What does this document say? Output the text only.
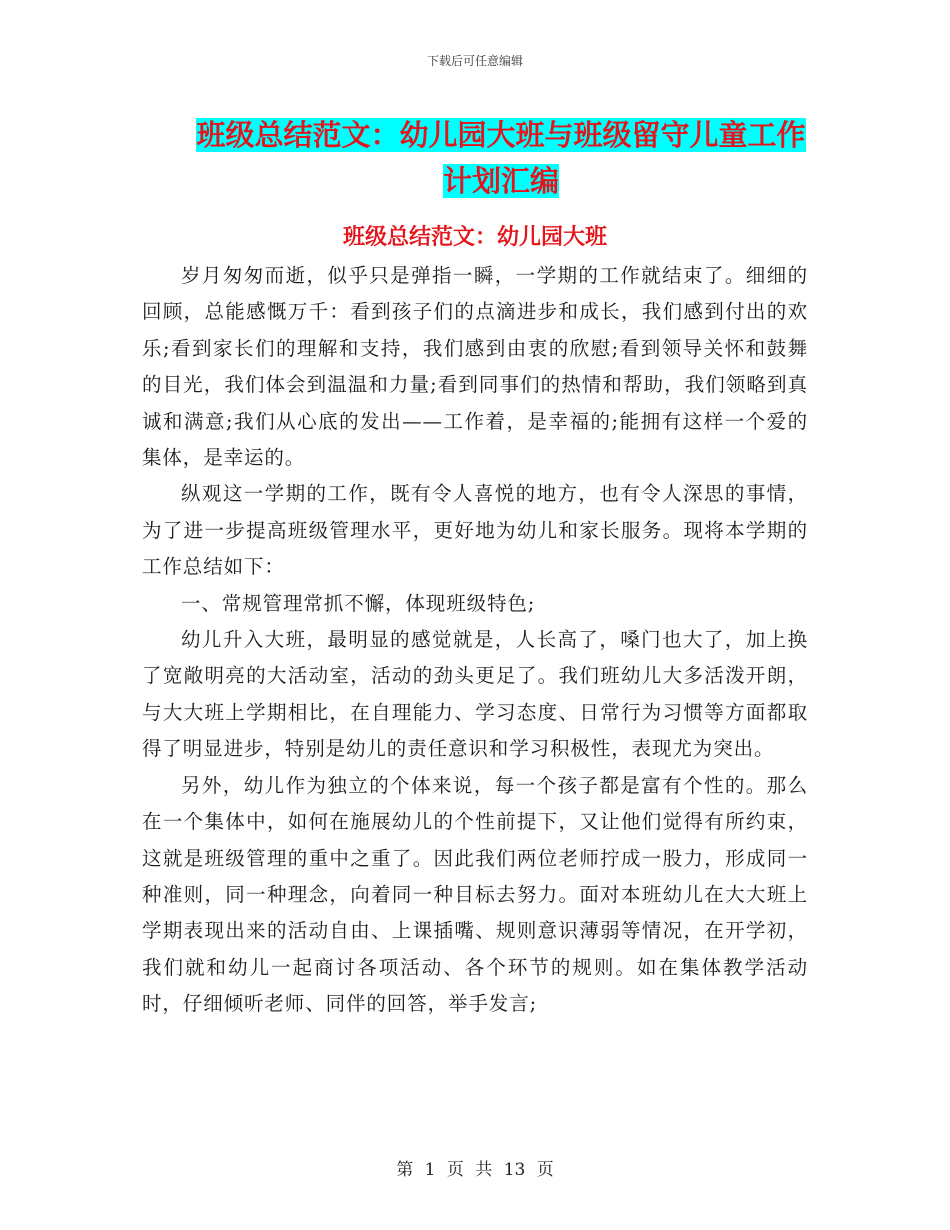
下载后可任意编辑
班级总结范文：幼儿园大班与班级留守儿童工作计划汇编
班级总结范文：幼儿园大班

岁月匆匆而逝，似乎只是弹指一瞬，一学期的工作就结束了。细细的回顾，总能感慨万千：看到孩子们的点滴进步和成长，我们感到付出的欢乐;看到家长们的理解和支持，我们感到由衷的欣慰;看到领导关怀和鼓舞的目光，我们体会到温温和力量;看到同事们的热情和帮助，我们领略到真诚和满意;我们从心底的发出——工作着，是幸福的;能拥有这样一个爱的集体，是幸运的。

纵观这一学期的工作，既有令人喜悦的地方，也有令人深思的事情，为了进一步提高班级管理水平，更好地为幼儿和家长服务。现将本学期的工作总结如下：

一、常规管理常抓不懈，体现班级特色;

幼儿升入大班，最明显的感觉就是，人长高了，嗓门也大了，加上换了宽敞明亮的大活动室，活动的劲头更足了。我们班幼儿大多活泼开朗，与大大班上学期相比，在自理能力、学习态度、日常行为习惯等方面都取得了明显进步，特别是幼儿的责任意识和学习积极性，表现尤为突出。

另外，幼儿作为独立的个体来说，每一个孩子都是富有个性的。那么在一个集体中，如何在施展幼儿的个性前提下，又让他们觉得有所约束，这就是班级管理的重中之重了。因此我们两位老师拧成一股力，形成同一种准则，同一种理念，向着同一种目标去努力。面对本班幼儿在大大班上学期表现出来的活动自由、上课插嘴、规则意识薄弱等情况，在开学初，我们就和幼儿一起商讨各项活动、各个环节的规则。如在集体教学活动时，仔细倾听老师、同伴的回答，举手发言;

第 1 页 共 13 页
